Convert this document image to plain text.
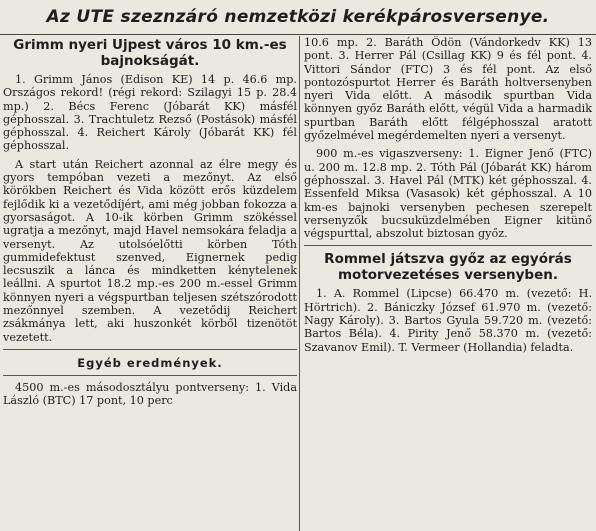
Az UTE szeznzáró nemzetközi kerékpárosversenye.
Grimm nyeri Ujpest város 10 km.-es bajnokságát.

1. Grimm János (Edison KE) 14 p. 46.6 mp. Országos rekord! (régi rekord: Szilagyi 15 p. 28.4 mp.) 2. Bécs Ferenc (Jóbarát KK) másfél géphosszal. 3. Trachtuletz Rezső (Postások) másfél géphosszal. 4. Reichert Károly (Jóbarát KK) fél géphosszal.

A start után Reichert azonnal az élre megy és gyors tempóban vezeti a mezőnyt. Az első körökben Reichert és Vida között erős küzdelem fejlődik ki a vezetődíjért, ami még jobban fokozza a gyorsaságot. A 10-ik körben Grimm szökéssel ugratja a mezőnyt, majd Havel nemsokára feladja a versenyt. Az utolsóelőtti körben Tóth gummidefektust szenved, Eignernek pedig lecsuszik a lánca és mindketten kénytelenek leállni. A spurtot 18.2 mp.-es 200 m.-essel Grimm könnyen nyeri a végspurtban teljesen szétszórodott mezőnnyel szemben. A vezetődij Reichert zsákmánya lett, aki huszonkét körből tizenötöt vezetett.

Egyéb eredmények.

4500 m.-es másodosztályu pontverseny: 1. Vida László (BTC) 17 pont, 10 perc

10.6 mp. 2. Baráth Ödön (Vándorkedv KK) 13 pont. 3. Herrer Pál (Csillag KK) 9 és fél pont. 4. Vittori Sándor (FTC) 3 és fél pont. Az első pontozóspurtot Herrer és Baráth holtversenyben nyeri Vida előtt. A második spurtban Vida könnyen győz Baráth előtt, végül Vida a harmadik spurtban Baráth előtt félgéphosszal aratott győzelmével megérdemelten nyeri a versenyt.

900 m.-es vigaszverseny: 1. Eigner Jenő (FTC) u. 200 m. 12.8 mp. 2. Tóth Pál (Jóbarát KK) három géphosszal. 3. Havel Pál (MTK) két géphosszal. 4. Essenfeld Miksa (Vasasok) két géphosszal. A 10 km-es bajnoki versenyben pechesen szerepelt versenyzők bucsuküzdelmében Eigner kitünő végspurttal, abszolut biztosan győz.

Rommel játszva győz az egyórás motorvezetéses versenyben.

1. A. Rommel (Lipcse) 66.470 m. (vezető: H. Hörtrich). 2. Bániczky József 61.970 m. (vezető: Nagy Károly). 3. Bartos Gyula 59.720 m. (vezető: Bartos Béla). 4. Pirity Jenő 58.370 m. (vezető: Szavanov Emil). T. Vermeer (Hollandia) feladta.
